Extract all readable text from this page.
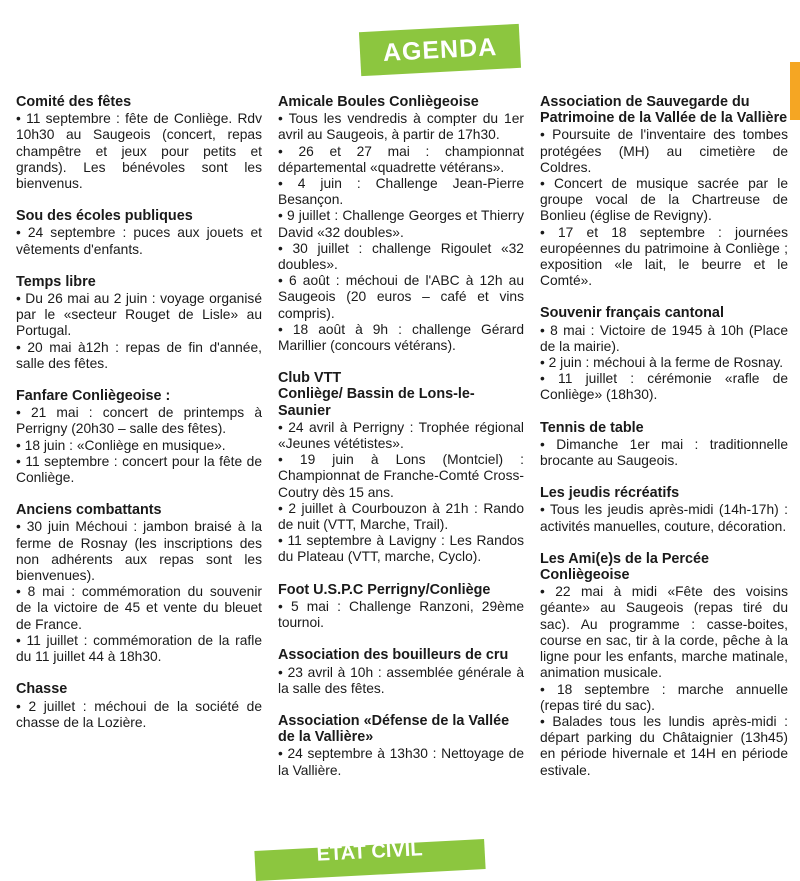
AGENDA
Comité des fêtes
• 11 septembre : fête de Conliège. Rdv 10h30 au Saugeois (concert, repas champêtre et jeux pour petits et grands). Les bénévoles sont les bienvenus.
Sou des écoles publiques
• 24 septembre : puces aux jouets et vêtements d'enfants.
Temps libre
• Du 26 mai au 2 juin : voyage organisé par le «secteur Rouget de Lisle» au Portugal.
• 20 mai à12h : repas de fin d'année, salle des fêtes.
Fanfare Conliègeoise :
• 21 mai : concert de printemps à Perrigny (20h30 – salle des fêtes).
• 18 juin : «Conliège en musique».
• 11 septembre : concert pour la fête de Conliège.
Anciens combattants
• 30 juin Méchoui : jambon braisé à la ferme de Rosnay (les inscriptions des non adhérents aux repas sont les bienvenues).
• 8 mai : commémoration du souvenir de la victoire de 45 et vente du bleuet de France.
• 11 juillet : commémoration de la rafle du 11 juillet 44 à 18h30.
Chasse
• 2 juillet : méchoui de la société de chasse de la Lozière.
Amicale Boules Conliègeoise
• Tous les vendredis à compter du 1er avril au Saugeois, à partir de 17h30.
• 26 et 27 mai : championnat départemental «quadrette vétérans».
• 4 juin : Challenge Jean-Pierre Besançon.
• 9 juillet : Challenge Georges et Thierry David «32 doubles».
• 30 juillet : challenge Rigoulet «32 doubles».
• 6 août : méchoui de l'ABC à 12h au Saugeois (20 euros – café et vins compris).
• 18 août à 9h : challenge Gérard Marillier (concours vétérans).
Club VTT
Conliège/ Bassin de Lons-le-Saunier
• 24 avril à Perrigny : Trophée régional «Jeunes vététistes».
• 19 juin à Lons (Montciel) : Championnat de Franche-Comté Cross-Coutry dès 15 ans.
• 2 juillet à Courbouzon à 21h : Rando de nuit (VTT, Marche, Trail).
• 11 septembre à Lavigny : Les Randos du Plateau (VTT, marche, Cyclo).
Foot U.S.P.C Perrigny/Conliège
• 5 mai : Challenge Ranzoni, 29ème tournoi.
Association des bouilleurs de cru
• 23 avril à 10h : assemblée générale à la salle des fêtes.
Association «Défense de la Vallée de la Vallière»
• 24 septembre à 13h30 : Nettoyage de la Vallière.
Association de Sauvegarde du Patrimoine de la Vallée de la Vallière
• Poursuite de l'inventaire des tombes protégées (MH) au cimetière de Coldres.
• Concert de musique sacrée par le groupe vocal de la Chartreuse de Bonlieu (église de Revigny).
• 17 et 18 septembre : journées européennes du patrimoine à Conliège ; exposition «le lait, le beurre et le Comté».
Souvenir français cantonal
• 8 mai : Victoire de 1945 à 10h (Place de la mairie).
• 2 juin : méchoui à la ferme de Rosnay.
• 11 juillet : cérémonie «rafle de Conliège» (18h30).
Tennis de table
• Dimanche 1er mai : traditionnelle brocante au Saugeois.
Les jeudis récréatifs
• Tous les jeudis après-midi (14h-17h) : activités manuelles, couture, décoration.
Les Ami(e)s de la Percée Conliègeoise
• 22 mai à midi «Fête des voisins géante» au Saugeois (repas tiré du sac). Au programme : casse-boites, course en sac, tir à la corde, pêche à la ligne pour les enfants, marche matinale, animation musicale.
• 18 septembre : marche annuelle (repas tiré du sac).
• Balades tous les lundis après-midi : départ parking du Châtaignier (13h45) en période hivernale et 14H en période estivale.
ETAT CIVIL
